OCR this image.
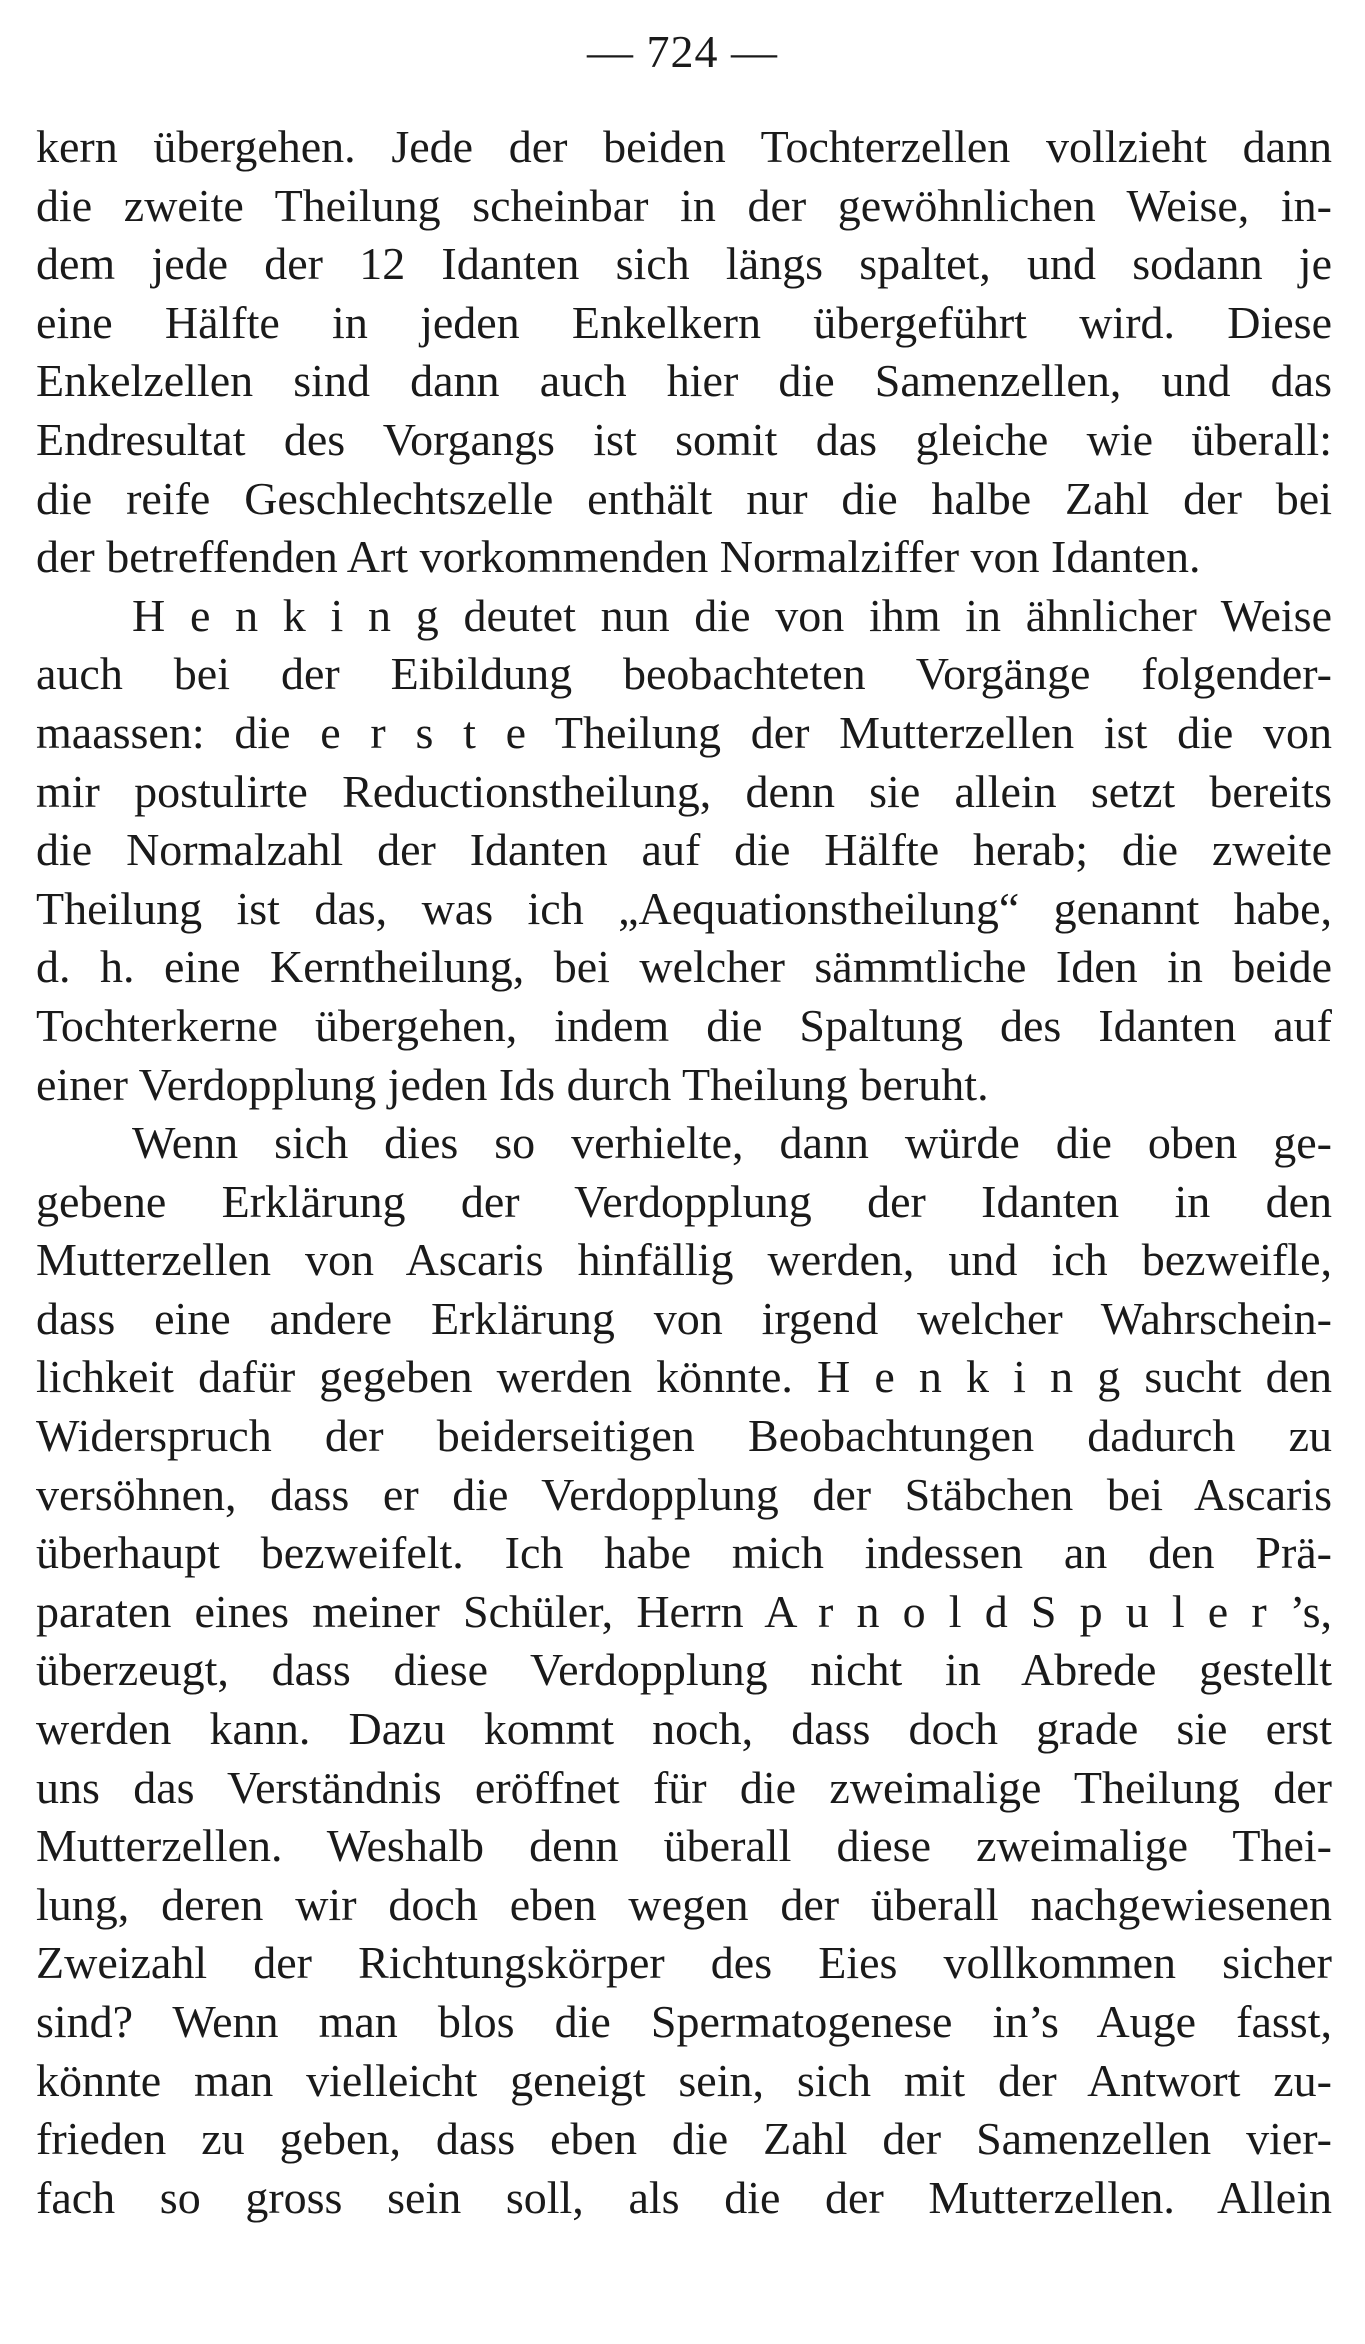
— 724 —
kern übergehen. Jede der beiden Tochterzellen vollzieht dann
die zweite Theilung scheinbar in der gewöhnlichen Weise, in-
dem jede der 12 Idanten sich längs spaltet, und sodann je
eine Hälfte in jeden Enkelkern übergeführt wird. Diese
Enkelzellen sind dann auch hier die Samenzellen, und das
Endresultat des Vorgangs ist somit das gleiche wie überall:
die reife Geschlechtszelle enthält nur die halbe Zahl der bei
der betreffenden Art vorkommenden Normalziffer von Idanten.
H e n k i n g deutet nun die von ihm in ähnlicher Weise
auch bei der Eibildung beobachteten Vorgänge folgender-
maassen: die e r s t e Theilung der Mutterzellen ist die von
mir postulirte Reductionstheilung, denn sie allein setzt bereits
die Normalzahl der Idanten auf die Hälfte herab; die zweite
Theilung ist das, was ich „Aequationstheilung“ genannt habe,
d. h. eine Kerntheilung, bei welcher sämmtliche Iden in beide
Tochterkerne übergehen, indem die Spaltung des Idanten auf
einer Verdopplung jeden Ids durch Theilung beruht.
Wenn sich dies so verhielte, dann würde die oben ge-
gebene Erklärung der Verdopplung der Idanten in den
Mutterzellen von Ascaris hinfällig werden, und ich bezweifle,
dass eine andere Erklärung von irgend welcher Wahrschein-
lichkeit dafür gegeben werden könnte. H e n k i n g sucht den
Widerspruch der beiderseitigen Beobachtungen dadurch zu
versöhnen, dass er die Verdopplung der Stäbchen bei Ascaris
überhaupt bezweifelt. Ich habe mich indessen an den Prä-
paraten eines meiner Schüler, Herrn A r n o l d S p u l e r ’s,
überzeugt, dass diese Verdopplung nicht in Abrede gestellt
werden kann. Dazu kommt noch, dass doch grade sie erst
uns das Verständnis eröffnet für die zweimalige Theilung der
Mutterzellen. Weshalb denn überall diese zweimalige Thei-
lung, deren wir doch eben wegen der überall nachgewiesenen
Zweizahl der Richtungskörper des Eies vollkommen sicher
sind? Wenn man blos die Spermatogenese in’s Auge fasst,
könnte man vielleicht geneigt sein, sich mit der Antwort zu-
frieden zu geben, dass eben die Zahl der Samenzellen vier-
fach so gross sein soll, als die der Mutterzellen. Allein
